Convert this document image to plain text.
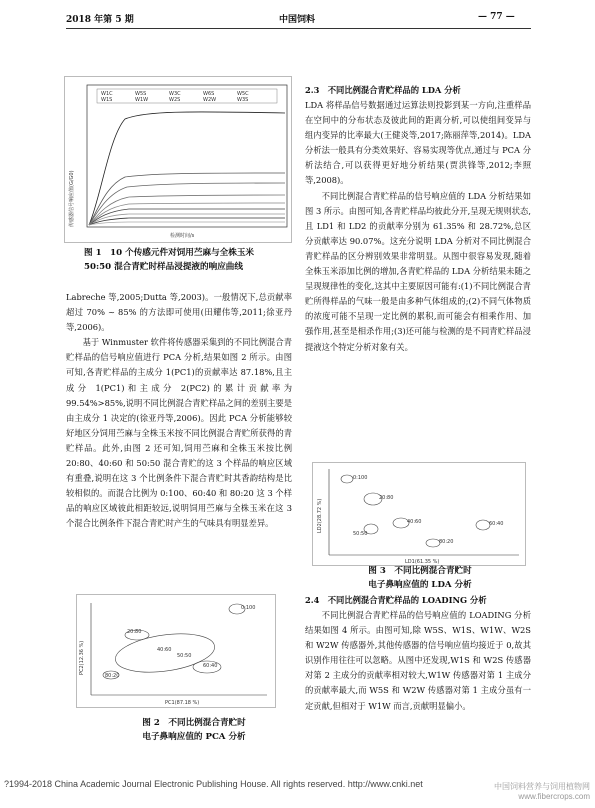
2018 年第 5 期	中国饲料	— 77 —
传感器信号响应值(G/G0)
检测时间/s
W1C	W5S	W3C	W6S	W5C
W1S	W1W	W2S	W2W	W3S
图 1　10 个传感元件对饲用苎麻与全株玉米
50:50 混合青贮时样品浸提液的响应曲线

Labreche 等,2005;Dutta 等,2003)。一般情况下,总贡献率超过 70% ~ 85% 的方法即可使用(田耀伟等,2011;徐亚丹等,2006)。

基于 Winmuster 软件将传感器采集到的不同比例混合青贮样品的信号响应值进行 PCA 分析,结果如图 2 所示。由图可知,各青贮样品的主成分 1(PC1)的贡献率达 87.18%,且主成分 1(PC1)和主成分 2(PC2)的累计贡献率为 99.54%>85%,说明不同比例混合青贮样品之间的差别主要是由主成分 1 决定的(徐亚丹等,2006)。因此 PCA 分析能够较好地区分饲用苎麻与全株玉米按不同比例混合青贮所获得的青贮样品。此外,由图 2 还可知,饲用苎麻和全株玉米按比例 20:80、40:60 和 50:50 混合青贮的这 3 个样品的响应区域有重叠,说明在这 3 个比例条件下混合青贮时其香韵结构是比较相似的。而混合比例为 0:100、60:40 和 80:20 这 3 个样品的响应区域彼此相距较远,说明饲用苎麻与全株玉米在这 3 个混合比例条件下混合青贮时产生的气味具有明显差异。

PC2(12.36 %)
PC1(87.18 %)
0:100
20:80
40:60
50:50
60:40
80:20
图 2　不同比例混合青贮时
电子鼻响应值的 PCA 分析
2.3　不同比例混合青贮样品的 LDA 分析

LDA 将样品信号数据通过运算法则投影到某一方向,注重样品在空间中的分布状态及彼此间的距离分析,可以使组间变异与组内变异的比率最大(王健炎等,2017;陈丽萍等,2014)。LDA 分析法一般具有分类效果好、容易实现等优点,通过与 PCA 分析法结合,可以获得更好地分析结果(贾洪锋等,2012;李照等,2008)。

不同比例混合青贮样品的信号响应值的 LDA 分析结果如图 3 所示。由图可知,各青贮样品均彼此分开,呈现无规则状态,且 LD1 和 LD2 的贡献率分别为 61.35% 和 28.72%,总区分贡献率达 90.07%。这充分说明 LDA 分析对不同比例混合青贮样品的区分辨别效果非常明显。从图中很容易发现,随着全株玉米添加比例的增加,各青贮样品的 LDA 分析结果未随之呈现规律性的变化,这其中主要原因可能有:(1)不同比例混合青贮所得样品的气味一般是由多种气体组成的;(2)不同气体物质的浓度可能不呈现一定比例的累积,而可能会有相乘作用、加强作用,甚至是相杀作用;(3)还可能与检测的是不同青贮样品浸提液这个特定分析对象有关。

LD2(28.72 %)
LD1(61.35 %)
0:100
20:80
40:60
50:50
60:40
80:20
图 3　不同比例混合青贮时
电子鼻响应值的 LDA 分析
2.4　不同比例混合青贮样品的 LOADING 分析

不同比例混合青贮样品的信号响应值的 LOADING 分析结果如图 4 所示。由图可知,除 W5S、W1S、W1W、W2S 和 W2W 传感器外,其他传感器的信号响应值均接近于 0,故其识别作用往往可以忽略。从图中还发现,W1S 和 W2S 传感器对第 2 主成分的贡献率相对较大,W1W 传感器对第 1 主成分的贡献率最大,而 W5S 和 W2W 传感器对第 1 主成分虽有一定贡献,但相对于 W1W 而言,贡献明显偏小。

?1994-2018 China Academic Journal Electronic Publishing House. All rights reserved. http://www.cnki.net	中国饲料营养与饲用植物网 www.fibercrops.com
